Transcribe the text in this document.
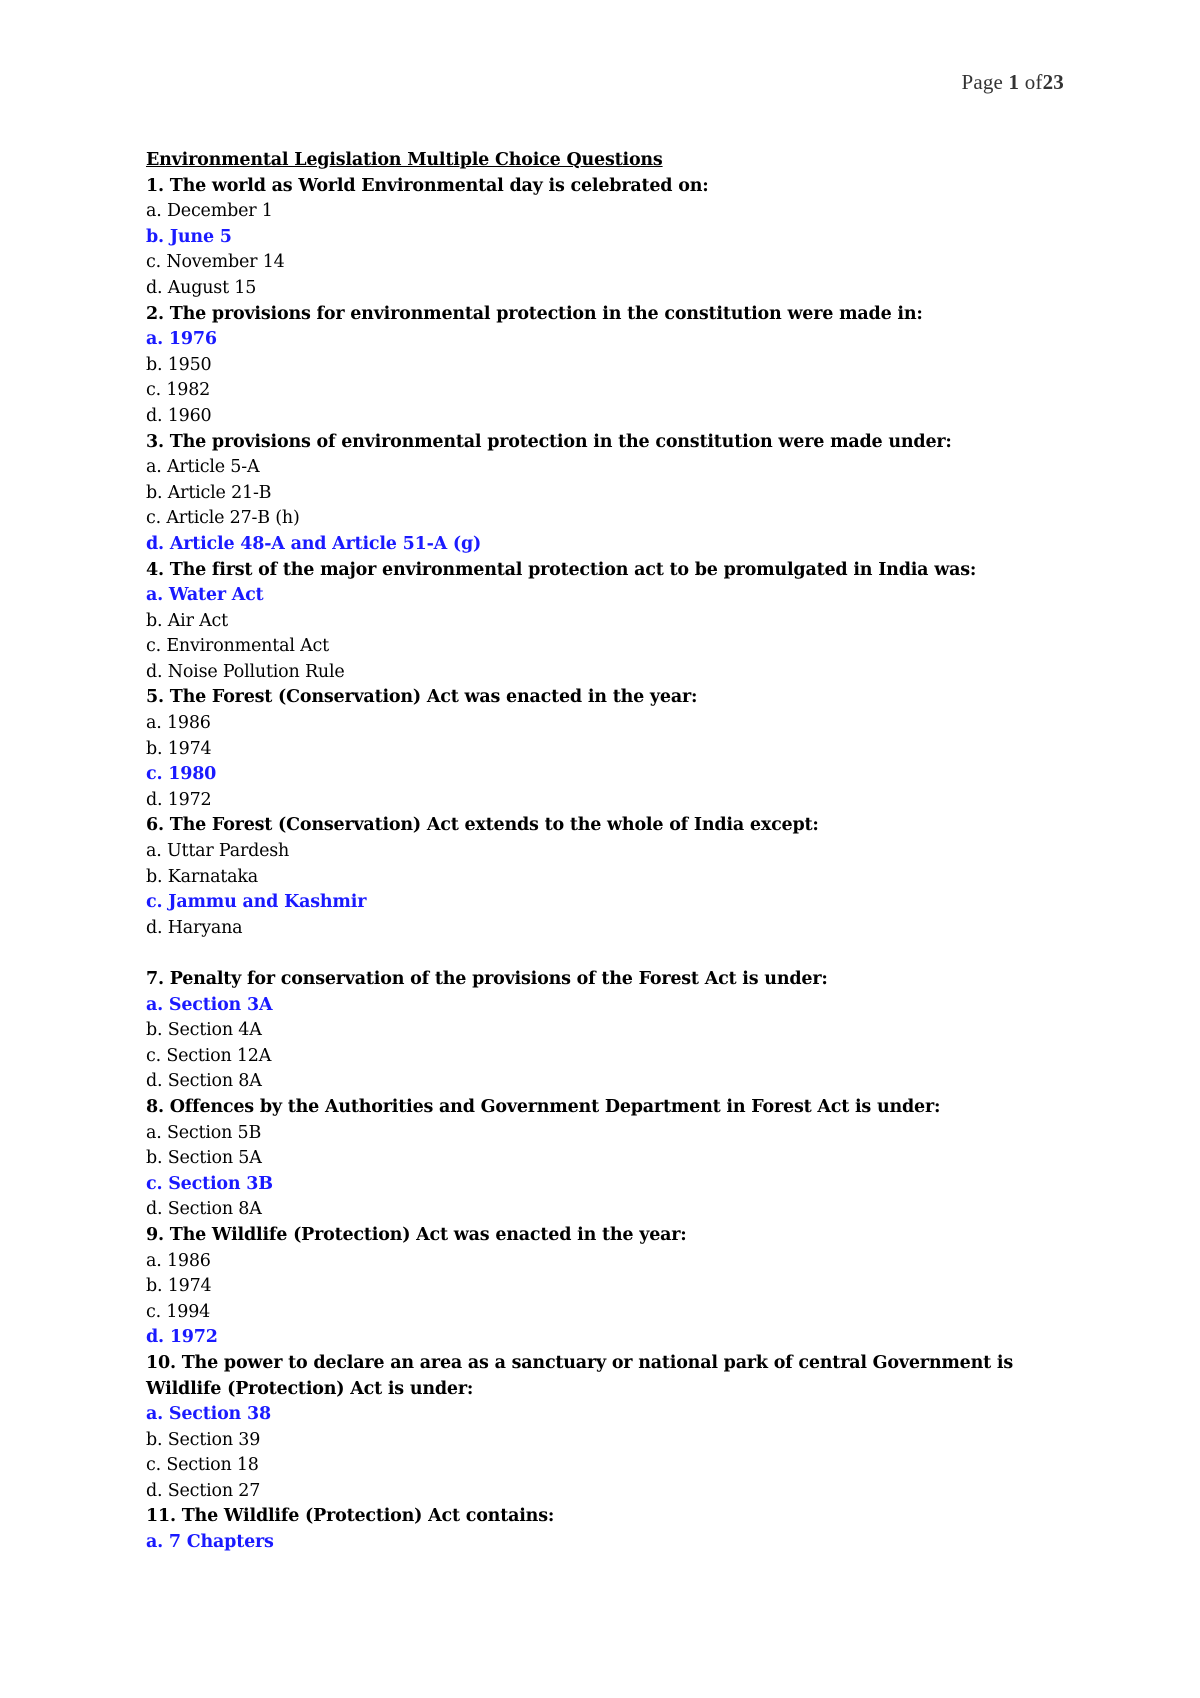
Page 1 of23
Environmental Legislation Multiple Choice Questions
1. The world as World Environmental day is celebrated on:
a. December 1
b. June 5
c. November 14
d. August 15
2. The provisions for environmental protection in the constitution were made in:
a. 1976
b. 1950
c. 1982
d. 1960
3. The provisions of environmental protection in the constitution were made under:
a. Article 5-A
b. Article 21-B
c. Article 27-B (h)
d. Article 48-A and Article 51-A (g)
4. The first of the major environmental protection act to be promulgated in India was:
a. Water Act
b. Air Act
c. Environmental Act
d. Noise Pollution Rule
5. The Forest (Conservation) Act was enacted in the year:
a. 1986
b. 1974
c. 1980
d. 1972
6. The Forest (Conservation) Act extends to the whole of India except:
a. Uttar Pardesh
b. Karnataka
c. Jammu and Kashmir
d. Haryana
7. Penalty for conservation of the provisions of the Forest Act is under:
a. Section 3A
b. Section 4A
c. Section 12A
d. Section 8A
8. Offences by the Authorities and Government Department in Forest Act is under:
a. Section 5B
b. Section 5A
c. Section 3B
d. Section 8A
9. The Wildlife (Protection) Act was enacted in the year:
a. 1986
b. 1974
c. 1994
d. 1972
10. The power to declare an area as a sanctuary or national park of central Government is Wildlife (Protection) Act is under:
a. Section 38
b. Section 39
c. Section 18
d. Section 27
11. The Wildlife (Protection) Act contains:
a. 7 Chapters
